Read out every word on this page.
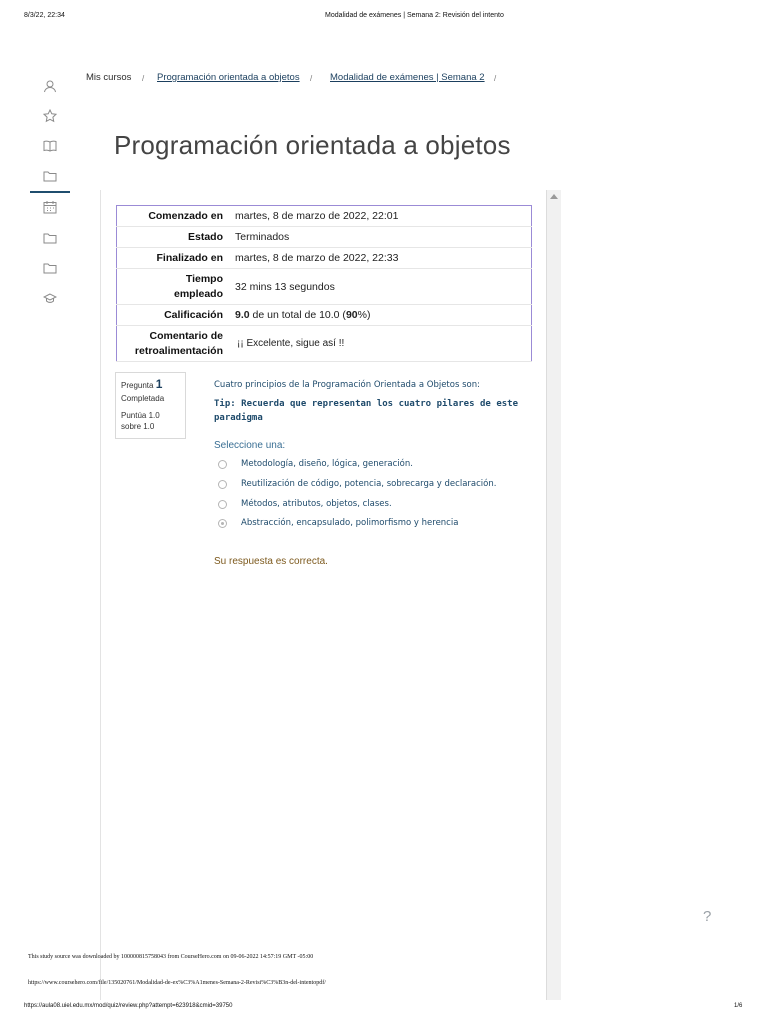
8/3/22, 22:34	Modalidad de exámenes | Semana 2: Revisión del intento
Mis cursos / Programación orientada a objetos / Modalidad de exámenes | Semana 2 /
Programación orientada a objetos
Comenzado en	martes, 8 de marzo de 2022, 22:01
Estado	Terminados
Finalizado en	martes, 8 de marzo de 2022, 22:33
Tiempo
empleado	32 mins 13 segundos
Calificación	9.0 de un total de 10.0 (90%)
Comentario de
retroalimentación	¡¡ Excelente, sigue así !!
Pregunta 1
Completada
Puntúa 1.0
sobre 1.0
Cuatro principios de la Programación Orientada a Objetos son:
Tip: Recuerda que representan los cuatro pilares de este paradigma
Seleccione una:
Metodología, diseño, lógica, generación.
Reutilización de código, potencia, sobrecarga y declaración.
Métodos, atributos, objetos, clases.
Abstracción, encapsulado, polimorfismo y herencia
Su respuesta es correcta.
?
This study source was downloaded by 100000815758043 from CourseHero.com on 09-06-2022 14:57:19 GMT -05:00
https://www.coursehero.com/file/135020761/Modalidad-de-ex%C3%A1menes-Semana-2-Revisi%C3%B3n-del-intentopdf/
https://aula08.uiel.edu.mx/mod/quiz/review.php?attempt=623918&cmid=39750	1/6
